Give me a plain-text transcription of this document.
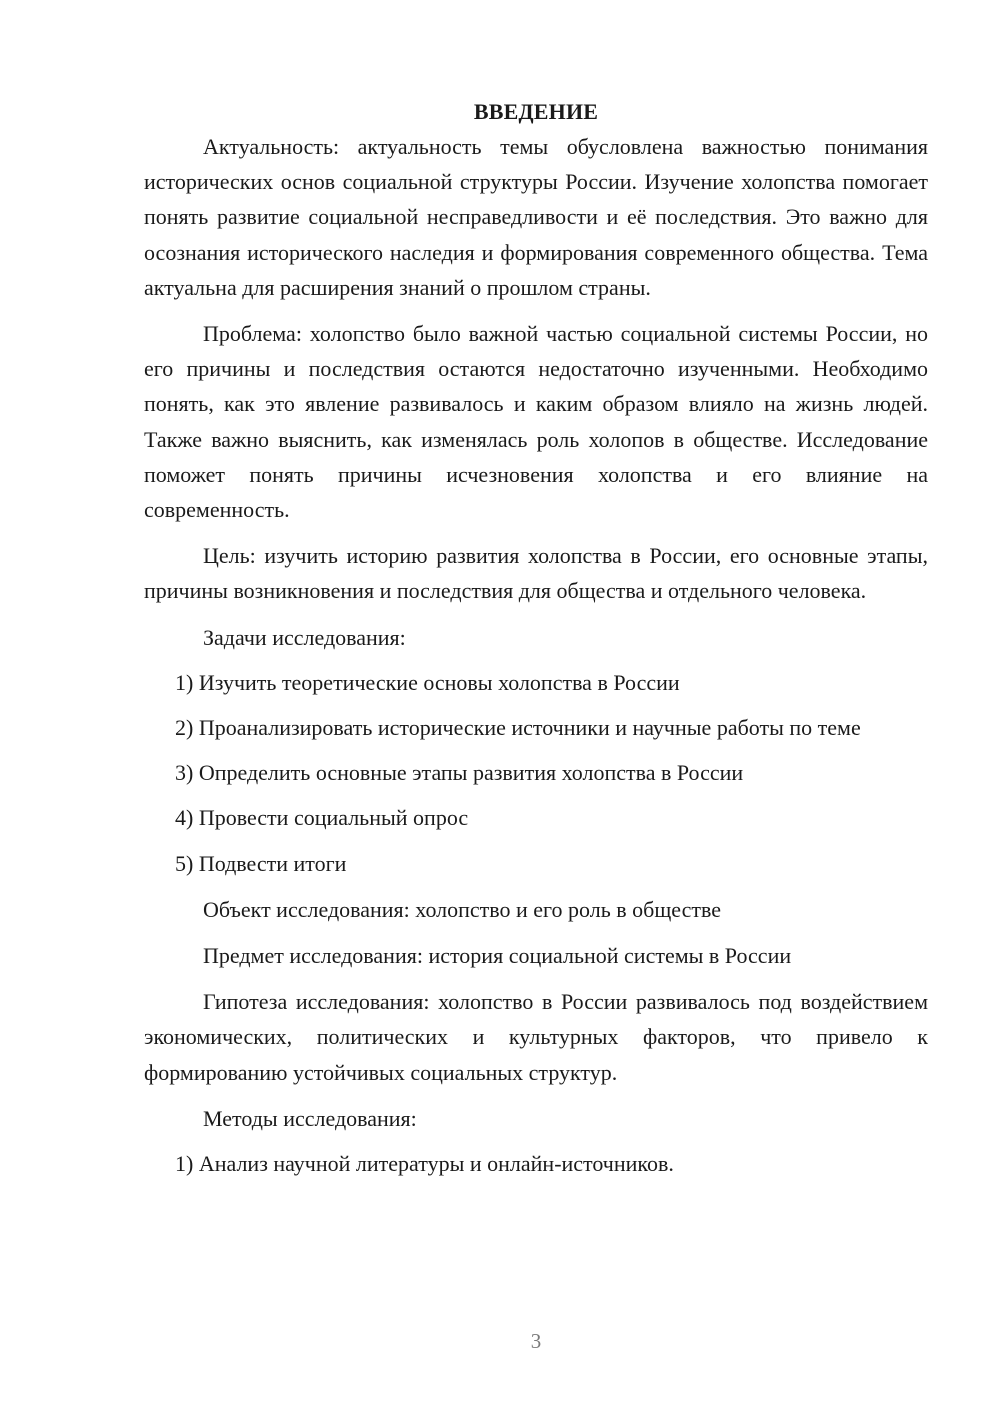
ВВЕДЕНИЕ

Актуальность: актуальность темы обусловлена важностью понимания исторических основ социальной структуры России. Изучение холопства помогает понять развитие социальной несправедливости и её последствия. Это важно для осознания исторического наследия и формирования современного общества. Тема актуальна для расширения знаний о прошлом страны.

Проблема: холопство было важной частью социальной системы России, но его причины и последствия остаются недостаточно изученными. Необходимо понять, как это явление развивалось и каким образом влияло на жизнь людей. Также важно выяснить, как изменялась роль холопов в обществе. Исследование поможет понять причины исчезновения холопства и его влияние на современность.

Цель: изучить историю развития холопства в России, его основные этапы, причины возникновения и последствия для общества и отдельного человека.

Задачи исследования:

1) Изучить теоретические основы холопства в России

2) Проанализировать исторические источники и научные работы по теме

3) Определить основные этапы развития холопства в России

4) Провести социальный опрос

5) Подвести итоги

Объект исследования: холопство и его роль в обществе

Предмет исследования: история социальной системы в России

Гипотеза исследования: холопство в России развивалось под воздействием экономических, политических и культурных факторов, что привело к формированию устойчивых социальных структур.

Методы исследования:

1) Анализ научной литературы и онлайн-источников.

3
